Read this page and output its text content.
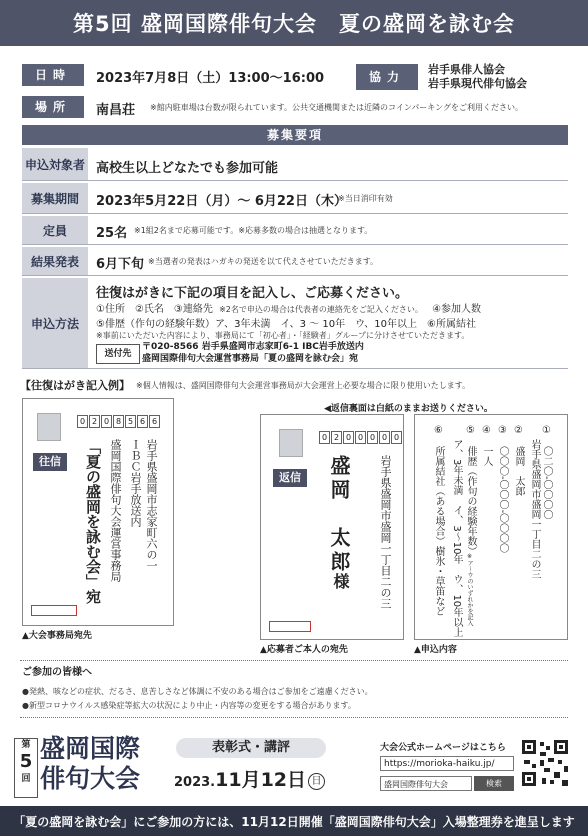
第5回 盛岡国際俳句大会　夏の盛岡を詠む会
日時	2023年7月8日（土）13:00〜16:00	協力
岩手県俳人協会
岩手県現代俳句協会
場所	南昌荘 ※館内駐車場は台数が限られています。公共交通機関または近隣のコインパーキングをご利用ください。
募集要項
申込対象者 高校生以上どなたでも参加可能
募集期間	2023年5月22日（月）〜 6月22日（木）
※当日消印有効
定員	25名 ※1組2名まで応募可能です。※応募多数の場合は抽選となります。
結果発表	6月下旬 ※当選者の発表はハガキの発送を以て代えさせていただきます。
申込方法
往復はがきに下記の項目を記入し、ご応募ください。
①住所　②氏名　③連絡先 ※2名で申込の場合は代表者の連絡先をご記入ください。 ④参加人数
⑤俳歴（作句の経験年数）ア、3年未満　イ、3 〜 10年　ウ、10年以上　⑥所属結社
※事前にいただいた内容により、事務局にて「初心者」・「経験者」グループに分けさせていただきます。
送付先
〒020-8566 岩手県盛岡市志家町6-1 IBC岩手放送内
盛岡国際俳句大会運営事務局「夏の盛岡を詠む会」宛
【往復はがき記入例】 ※個人情報は、盛岡国際俳句大会運営事務局が大会運営上必要な場合に限り使用いたします。
◀返信裏面は白紙のままお送りください。
0 2 0 8 5 6 6
往信	岩手県盛岡市志家町六の一
ＩＢＣ岩手放送内
盛岡国際俳句大会運営事務局
「夏の盛岡を詠む会」宛
▲大会事務局宛先
0 2 0 0 0 0 0
返信	岩手県盛岡市盛岡一丁目二の三
盛岡　太郎
様
▲応募者ご本人の宛先
①　〇二〇‐〇〇〇〇
岩手県盛岡市盛岡一丁目二の三
②　盛岡　太郎
③　〇〇〇‐〇〇〇‐〇〇〇〇
④　一人
⑤　俳歴（作句の経験年数）
※ア〜ウのいずれかを記入
ア、3年未満　イ、3〜10年　ウ、10年以上
⑥　所属結社（ある場合）樹氷・草笛など
▲申込内容
ご参加の皆様へ
●発熱、咳などの症状、だるさ、息苦しさなど体調に不安のある場合はご参加をご遠慮ください。
●新型コロナウイルス感染症等拡大の状況により中止・内容等の変更をする場合があります。
第
5
回
盛岡国際
俳句大会
表彰式・講評
2023.11月12日 日
大会公式ホームページはこちら
https://morioka-haiku.jp/
盛岡国際俳句大会	検索
「夏の盛岡を詠む会」にご参加の方には、11月12日開催「盛岡国際俳句大会」入場整理券を進呈します
